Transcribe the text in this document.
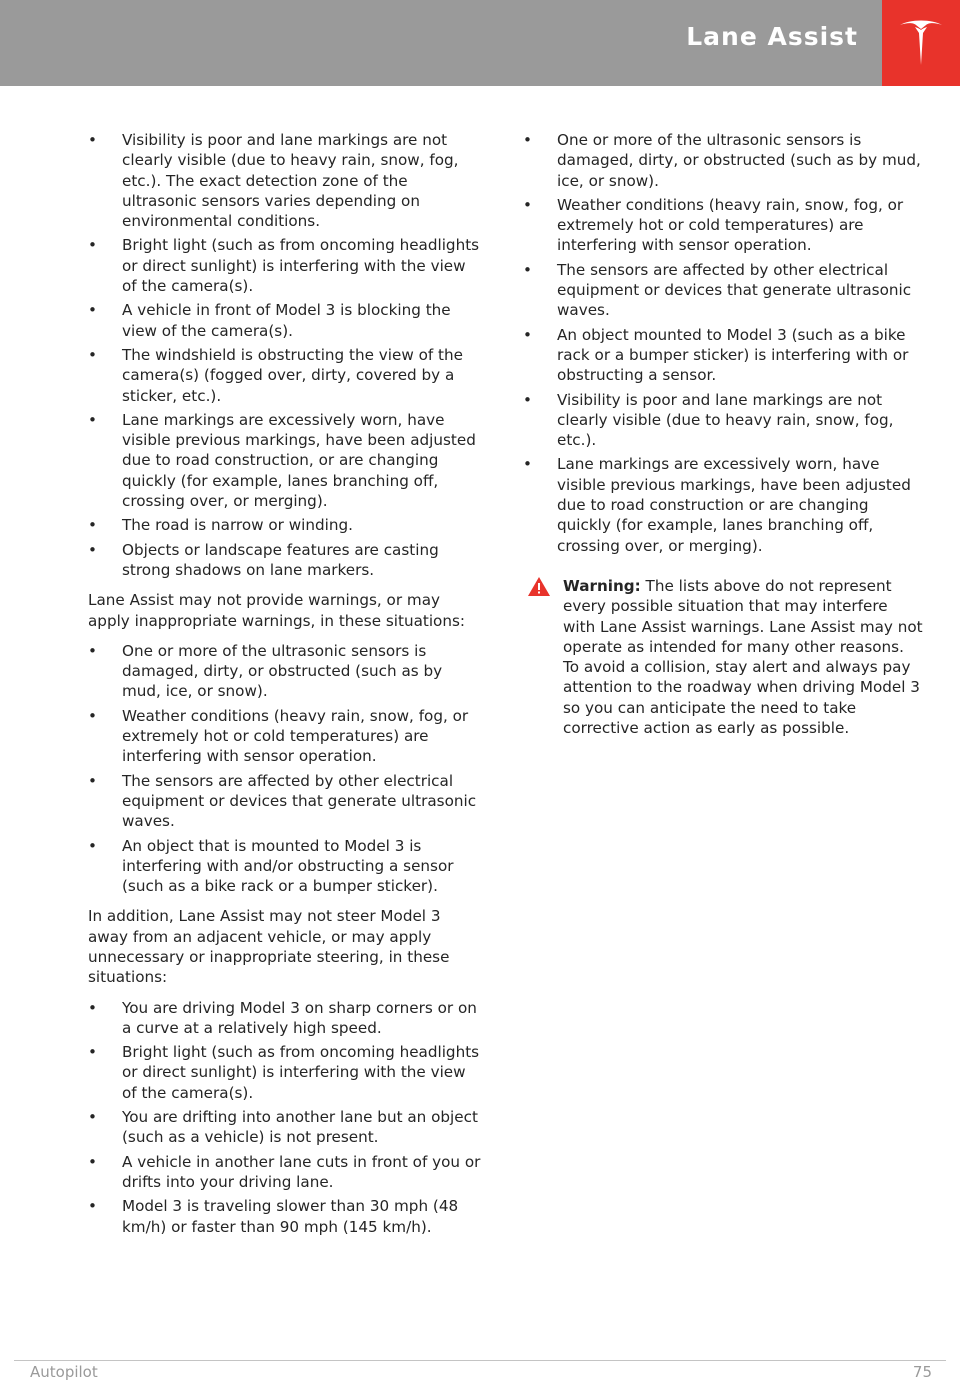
Lane Assist
• Visibility is poor and lane markings are not clearly visible (due to heavy rain, snow, fog, etc.). The exact detection zone of the ultrasonic sensors varies depending on environmental conditions.
• Bright light (such as from oncoming headlights or direct sunlight) is interfering with the view of the camera(s).
• A vehicle in front of Model 3 is blocking the view of the camera(s).
• The windshield is obstructing the view of the camera(s) (fogged over, dirty, covered by a sticker, etc.).
• Lane markings are excessively worn, have visible previous markings, have been adjusted due to road construction, or are changing quickly (for example, lanes branching off, crossing over, or merging).
• The road is narrow or winding.
• Objects or landscape features are casting strong shadows on lane markers.

Lane Assist may not provide warnings, or may apply inappropriate warnings, in these situations:

• One or more of the ultrasonic sensors is damaged, dirty, or obstructed (such as by mud, ice, or snow).
• Weather conditions (heavy rain, snow, fog, or extremely hot or cold temperatures) are interfering with sensor operation.
• The sensors are affected by other electrical equipment or devices that generate ultrasonic waves.
• An object that is mounted to Model 3 is interfering with and/or obstructing a sensor (such as a bike rack or a bumper sticker).

In addition, Lane Assist may not steer Model 3 away from an adjacent vehicle, or may apply unnecessary or inappropriate steering, in these situations:

• You are driving Model 3 on sharp corners or on a curve at a relatively high speed.
• Bright light (such as from oncoming headlights or direct sunlight) is interfering with the view of the camera(s).
• You are drifting into another lane but an object (such as a vehicle) is not present.
• A vehicle in another lane cuts in front of you or drifts into your driving lane.
• Model 3 is traveling slower than 30 mph (48 km/h) or faster than 90 mph (145 km/h).
• One or more of the ultrasonic sensors is damaged, dirty, or obstructed (such as by mud, ice, or snow).
• Weather conditions (heavy rain, snow, fog, or extremely hot or cold temperatures) are interfering with sensor operation.
• The sensors are affected by other electrical equipment or devices that generate ultrasonic waves.
• An object mounted to Model 3 (such as a bike rack or a bumper sticker) is interfering with or obstructing a sensor.
• Visibility is poor and lane markings are not clearly visible (due to heavy rain, snow, fog, etc.).
• Lane markings are excessively worn, have visible previous markings, have been adjusted due to road construction or are changing quickly (for example, lanes branching off, crossing over, or merging).
Warning: The lists above do not represent every possible situation that may interfere with Lane Assist warnings. Lane Assist may not operate as intended for many other reasons. To avoid a collision, stay alert and always pay attention to the roadway when driving Model 3 so you can anticipate the need to take corrective action as early as possible.
Autopilot	75
